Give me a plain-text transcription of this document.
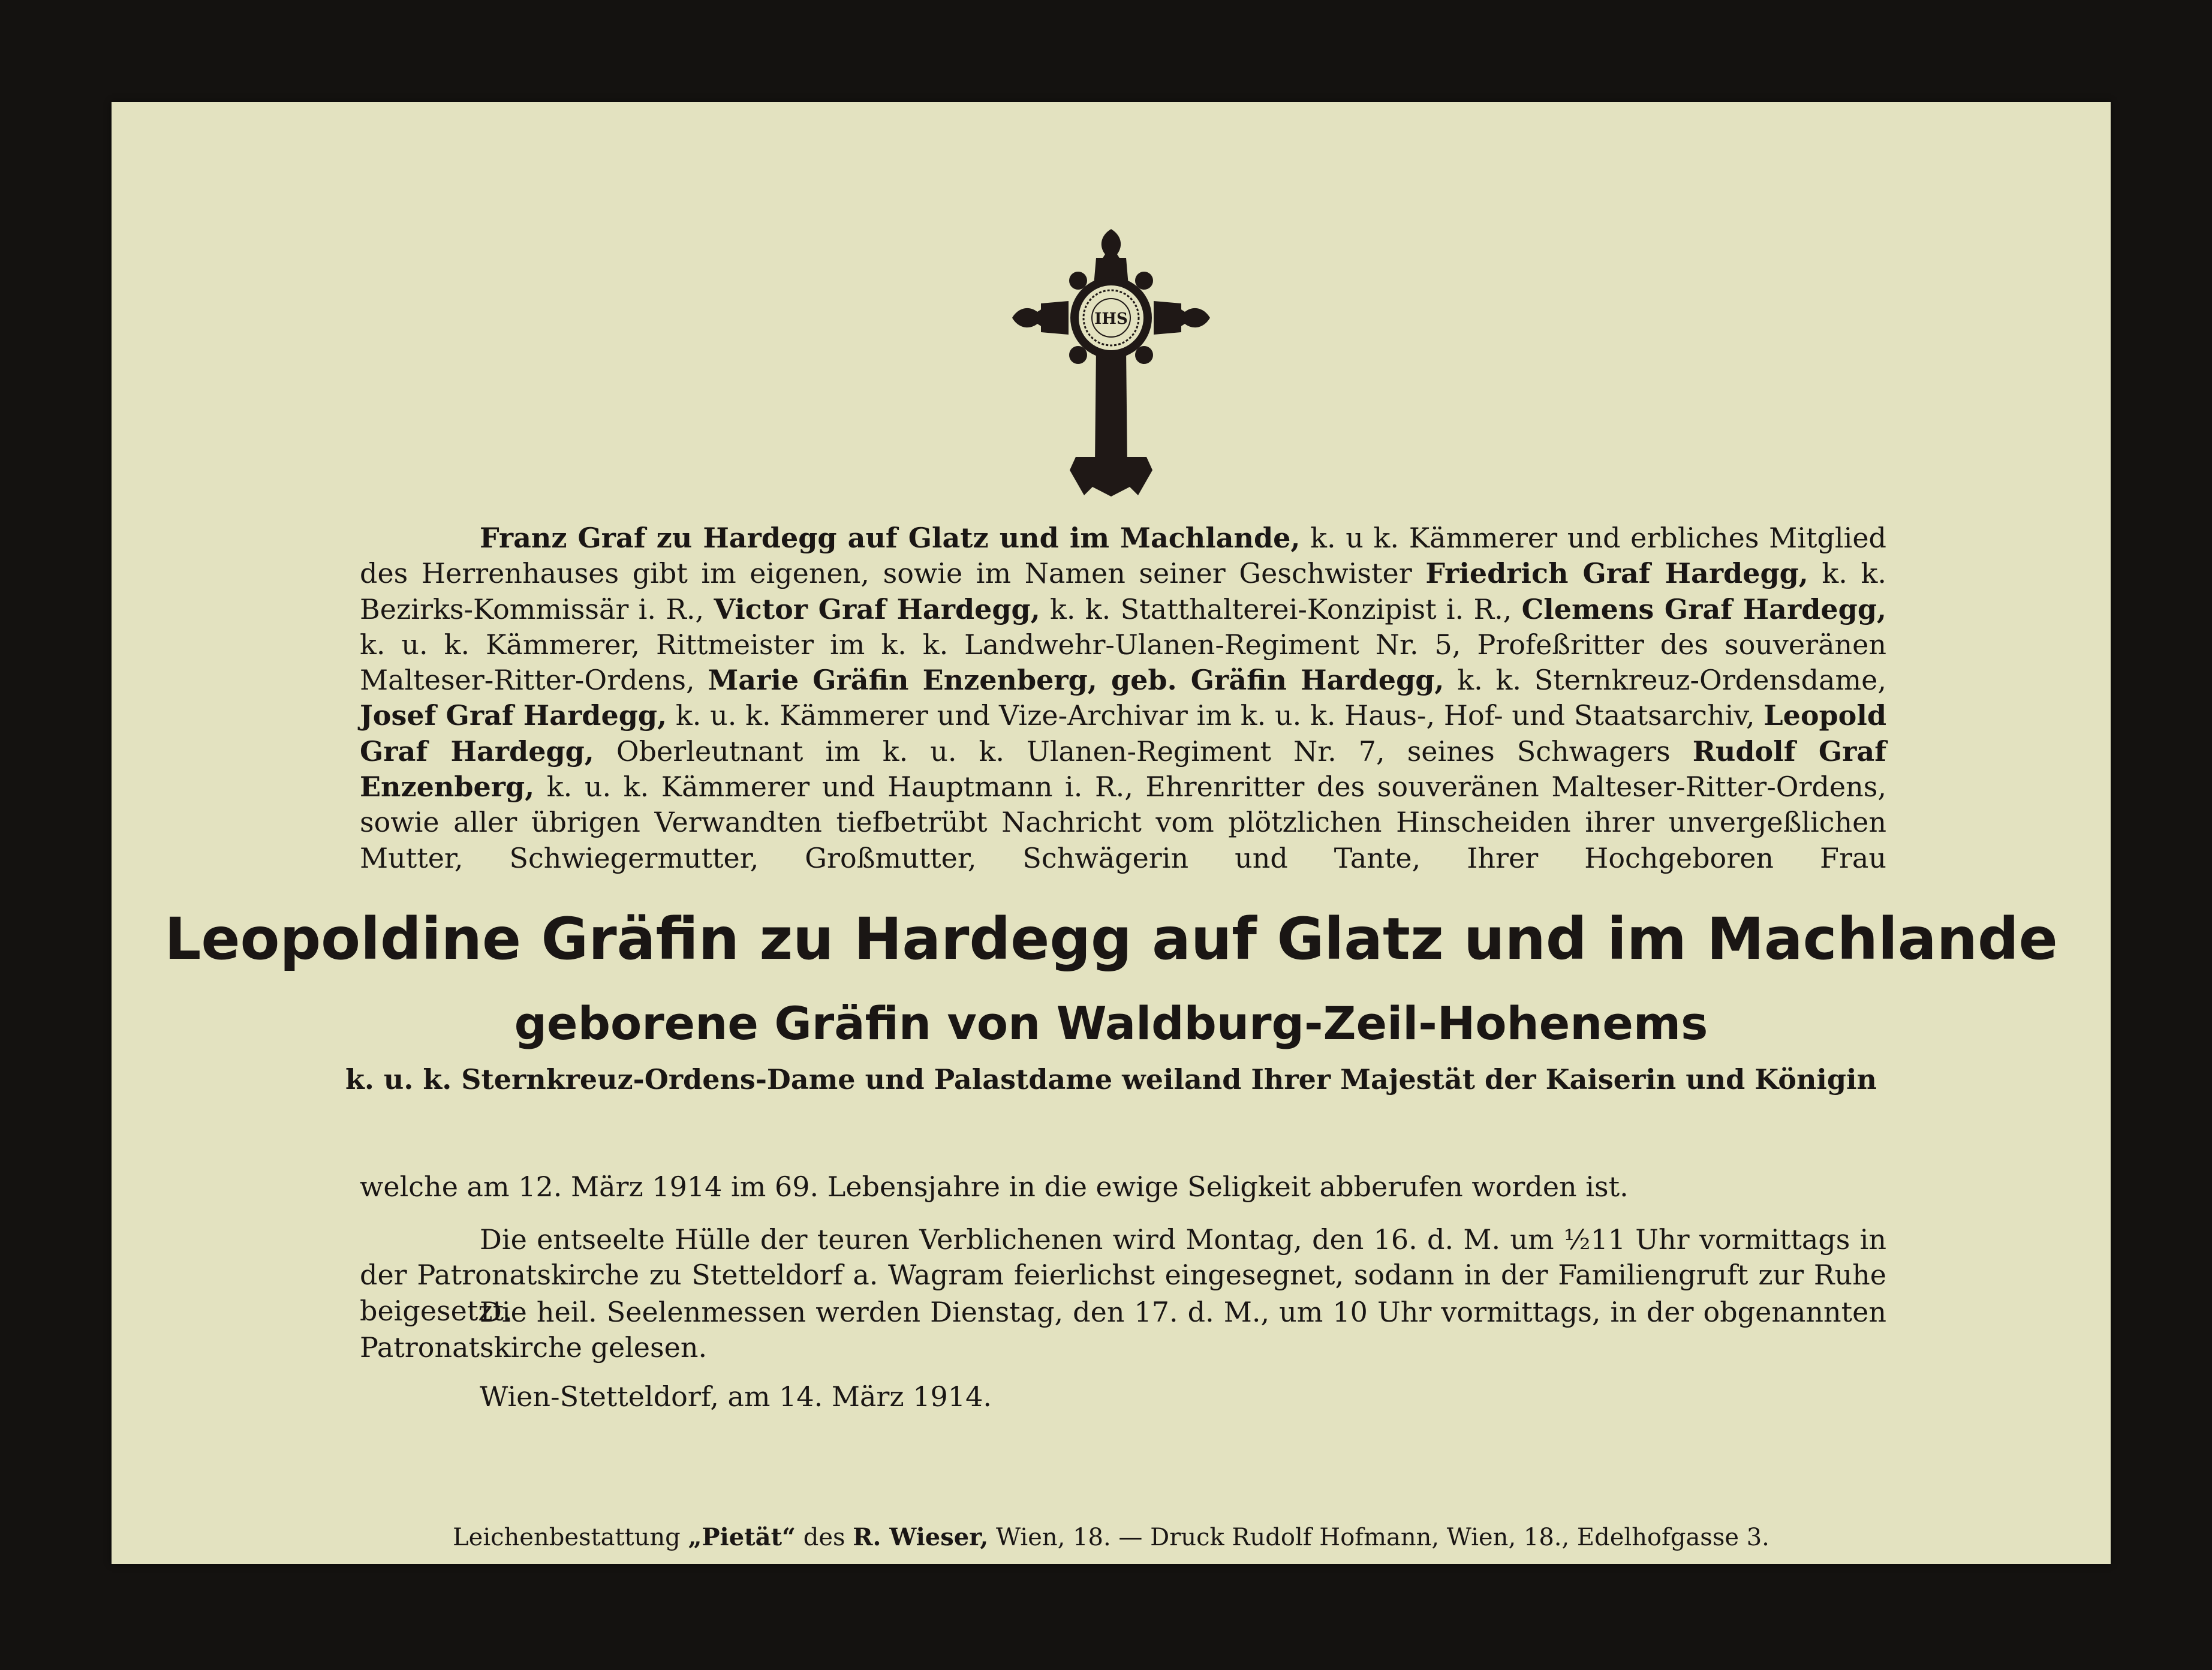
IHS

Franz Graf zu Hardegg auf Glatz und im Machlande, k. u k. Kämmerer und erbliches Mitglied des Herrenhauses gibt im eigenen, sowie im Namen seiner Geschwister Friedrich Graf Hardegg, k. k. Bezirks-Kommissär i. R., Victor Graf Hardegg, k. k. Statthalterei-Konzipist i. R., Clemens Graf Hardegg, k. u. k. Kämmerer, Rittmeister im k. k. Landwehr-Ulanen-Regiment Nr. 5, Profeßritter des souveränen Malteser-Ritter-Ordens, Marie Gräfin Enzenberg, geb. Gräfin Hardegg, k. k. Sternkreuz-Ordensdame, Josef Graf Hardegg, k. u. k. Kämmerer und Vize-Archivar im k. u. k. Haus-, Hof- und Staatsarchiv, Leopold Graf Hardegg, Oberleutnant im k. u. k. Ulanen-Regiment Nr. 7, seines Schwagers Rudolf Graf Enzenberg, k. u. k. Kämmerer und Hauptmann i. R., Ehrenritter des souveränen Malteser-Ritter-Ordens, sowie aller übrigen Verwandten tiefbetrübt Nachricht vom plötzlichen Hinscheiden ihrer unvergeßlichen Mutter, Schwiegermutter, Großmutter, Schwägerin und Tante, Ihrer Hochgeboren Frau

Leopoldine Gräfin zu Hardegg auf Glatz und im Machlande

geborene Gräfin von Waldburg-Zeil-Hohenems

k. u. k. Sternkreuz-Ordens-Dame und Palastdame weiland Ihrer Majestät der Kaiserin und Königin

welche am 12. März 1914 im 69. Lebensjahre in die ewige Seligkeit abberufen worden ist.

Die entseelte Hülle der teuren Verblichenen wird Montag, den 16. d. M. um ½11 Uhr vormittags in der Patronatskirche zu Stetteldorf a. Wagram feierlichst eingesegnet, sodann in der Familiengruft zur Ruhe beigesetzt.

Die heil. Seelenmessen werden Dienstag, den 17. d. M., um 10 Uhr vormittags, in der obgenannten Patronatskirche gelesen.

Wien-Stetteldorf, am 14. März 1914.

Leichenbestattung „Pietät“ des R. Wieser, Wien, 18. — Druck Rudolf Hofmann, Wien, 18., Edelhofgasse 3.
